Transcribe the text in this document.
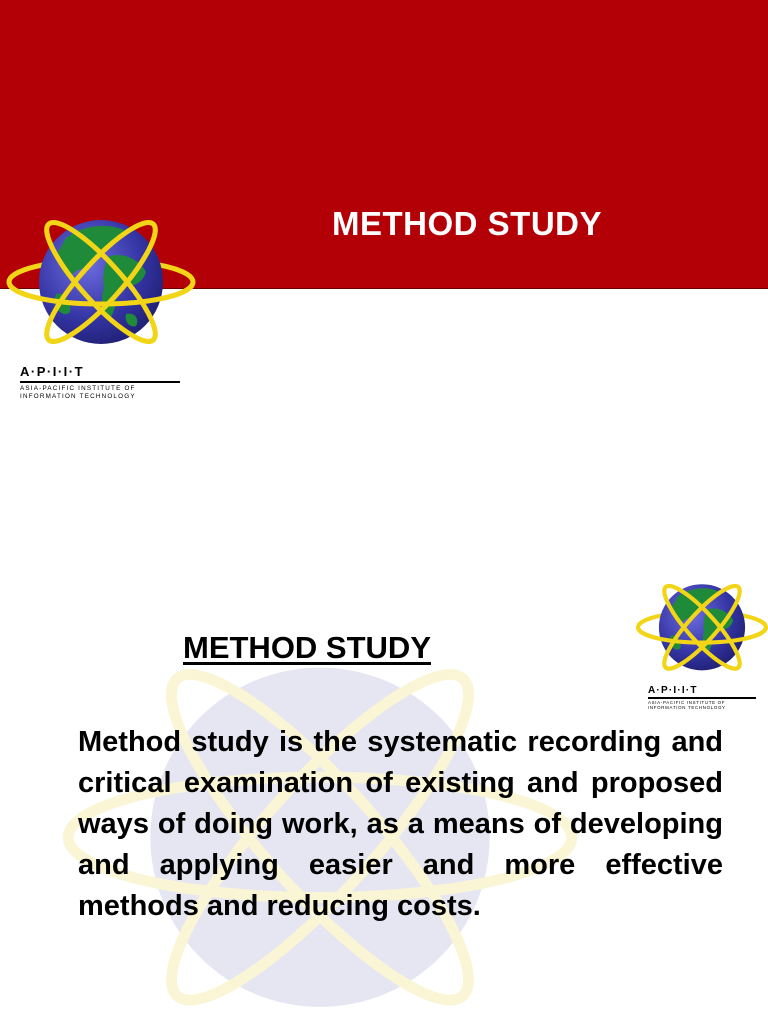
METHOD STUDY
A·P·I·I·T
ASIA-PACIFIC INSTITUTE OF
INFORMATION TECHNOLOGY
A·P·I·I·T
ASIA-PACIFIC INSTITUTE OF
INFORMATION TECHNOLOGY
METHOD STUDY
Method study is the systematic recording and critical examination of existing and proposed ways of doing work, as a means of developing and applying easier and more effective methods and reducing costs.
